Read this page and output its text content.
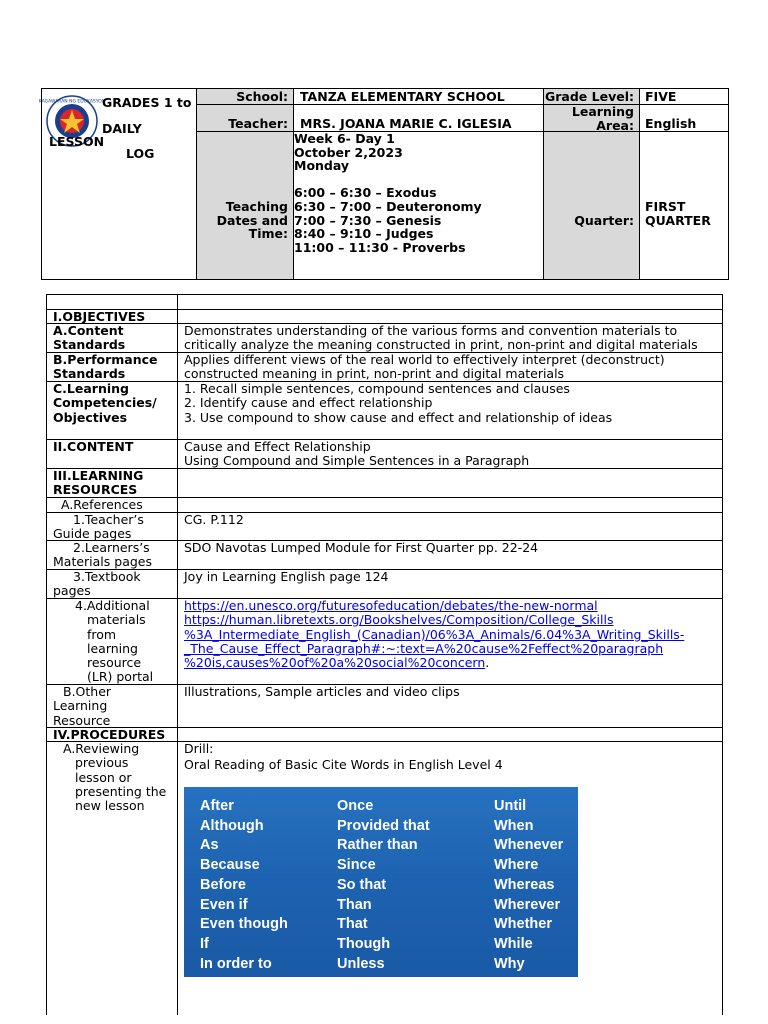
KAGAWARAN NG EDUKASYON
GRADES 1 to
DAILY
LESSON
LOG
School: TANZA ELEMENTARY SCHOOL	Grade Level: FIVE
Teacher: MRS. JOANA MARIE C. IGLESIA
Learning
Area: English
Teaching
Dates and
Time:
Week 6- Day 1
October 2,2023
Monday
6:00 – 6:30 – Exodus
6:30 – 7:00 – Deuteronomy
7:00 – 7:30 – Genesis
8:40 – 9:10 – Judges
11:00 – 11:30 - Proverbs
Quarter:
FIRST
QUARTER
I.OBJECTIVES
A.Content
Standards
Demonstrates understanding of the various forms and convention materials to
critically analyze the meaning constructed in print, non-print and digital materials
B.Performance
Standards
Applies different views of the real world to effectively interpret (deconstruct)
constructed meaning in print, non-print and digital materials
C.Learning
Competencies/
Objectives
1. Recall simple sentences, compound sentences and clauses
2. Identify cause and effect relationship
3. Use compound to show cause and effect and relationship of ideas
II.CONTENT	Cause and Effect Relationship
Using Compound and Simple Sentences in a Paragraph
III.LEARNING
RESOURCES
A.References
1.Teacher’s
Guide pages
CG. P.112
2.Learners’s
Materials pages
SDO Navotas Lumped Module for First Quarter pp. 22-24
3.Textbook
pages
Joy in Learning English page 124
4.Additional
materials
from
learning
resource
(LR) portal
https://en.unesco.org/futuresofeducation/debates/the-new-normal
https://human.libretexts.org/Bookshelves/Composition/College_Skills
%3A_Intermediate_English_(Canadian)/06%3A_Animals/6.04%3A_Writing_Skills-
_The_Cause_Effect_Paragraph#:~:text=A%20cause%2Feffect%20paragraph
%20is,causes%20of%20a%20social%20concern.
B.Other
Learning
Resource
Illustrations, Sample articles and video clips
IV.PROCEDURES
A.Reviewing
previous
lesson or
presenting the
new lesson
Drill:
Oral Reading of Basic Cite Words in English Level 4
After
Although
As
Because
Before
Even if
Even though
If
In order to
Once
Provided that
Rather than
Since
So that
Than
That
Though
Unless
Until
When
Whenever
Where
Whereas
Wherever
Whether
While
Why
